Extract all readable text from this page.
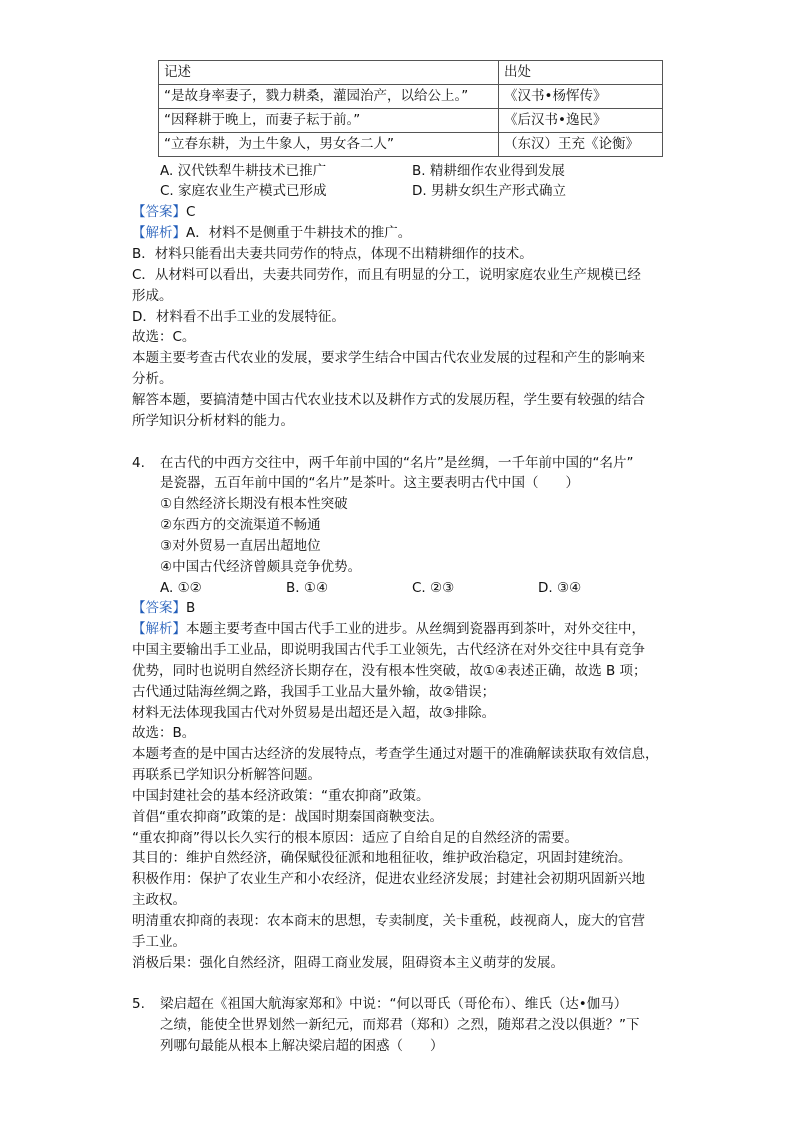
记述	出处
“是故身率妻子，戮力耕桑，灌园治产，以给公上。”	《汉书•杨恽传》
“因释耕于晚上，而妻子耘于前。”	《后汉书•逸民》
“立春东耕，为土牛象人，男女各二人”	（东汉）王充《论衡》
A. 汉代铁犁牛耕技术已推广	B. 精耕细作农业得到发展
C. 家庭农业生产模式已形成	D. 男耕女织生产形式确立
【答案】C
【解析】A．材料不是侧重于牛耕技术的推广。
B．材料只能看出夫妻共同劳作的特点，体现不出精耕细作的技术。
C．从材料可以看出，夫妻共同劳作，而且有明显的分工，说明家庭农业生产规模已经
形成。
D．材料看不出手工业的发展特征。
故选：C。
本题主要考查古代农业的发展，要求学生结合中国古代农业发展的过程和产生的影响来
分析。
解答本题，要搞清楚中国古代农业技术以及耕作方式的发展历程，学生要有较强的结合
所学知识分析材料的能力。
4. 在古代的中西方交往中，两千年前中国的“名片”是丝绸，一千年前中国的“名片”
是瓷器，五百年前中国的“名片”是茶叶。这主要表明古代中国（　　）
①自然经济长期没有根本性突破
②东西方的交流渠道不畅通
③对外贸易一直居出超地位
④中国古代经济曾颇具竞争优势。
A. ①②	B. ①④	C. ②③	D. ③④
【答案】B
【解析】本题主要考查中国古代手工业的进步。从丝绸到瓷器再到茶叶，对外交往中，
中国主要输出手工业品，即说明我国古代手工业领先，古代经济在对外交往中具有竞争
优势，同时也说明自然经济长期存在，没有根本性突破，故①④表述正确，故选 B 项；
古代通过陆海丝绸之路，我国手工业品大量外输，故②错误；
材料无法体现我国古代对外贸易是出超还是入超，故③排除。
故选：B。
本题考查的是中国古达经济的发展特点，考查学生通过对题干的准确解读获取有效信息，
再联系已学知识分析解答问题。
中国封建社会的基本经济政策：“重农抑商”政策。
首倡“重农抑商”政策的是：战国时期秦国商鞅变法。
“重农抑商”得以长久实行的根本原因：适应了自给自足的自然经济的需要。
其目的：维护自然经济，确保赋役征派和地租征收，维护政治稳定，巩固封建统治。
积极作用：保护了农业生产和小农经济，促进农业经济发展；封建社会初期巩固新兴地
主政权。
明清重农抑商的表现：农本商末的思想，专卖制度，关卡重税，歧视商人，庞大的官营
手工业。
消极后果：强化自然经济，阻碍工商业发展，阻碍资本主义萌芽的发展。
5. 梁启超在《祖国大航海家郑和》中说：“何以哥氏（哥伦布）、维氏（达•伽马）
之绩，能使全世界划然一新纪元，而郑君（郑和）之烈，随郑君之没以俱逝？”下
列哪句最能从根本上解决梁启超的困惑（　　）
